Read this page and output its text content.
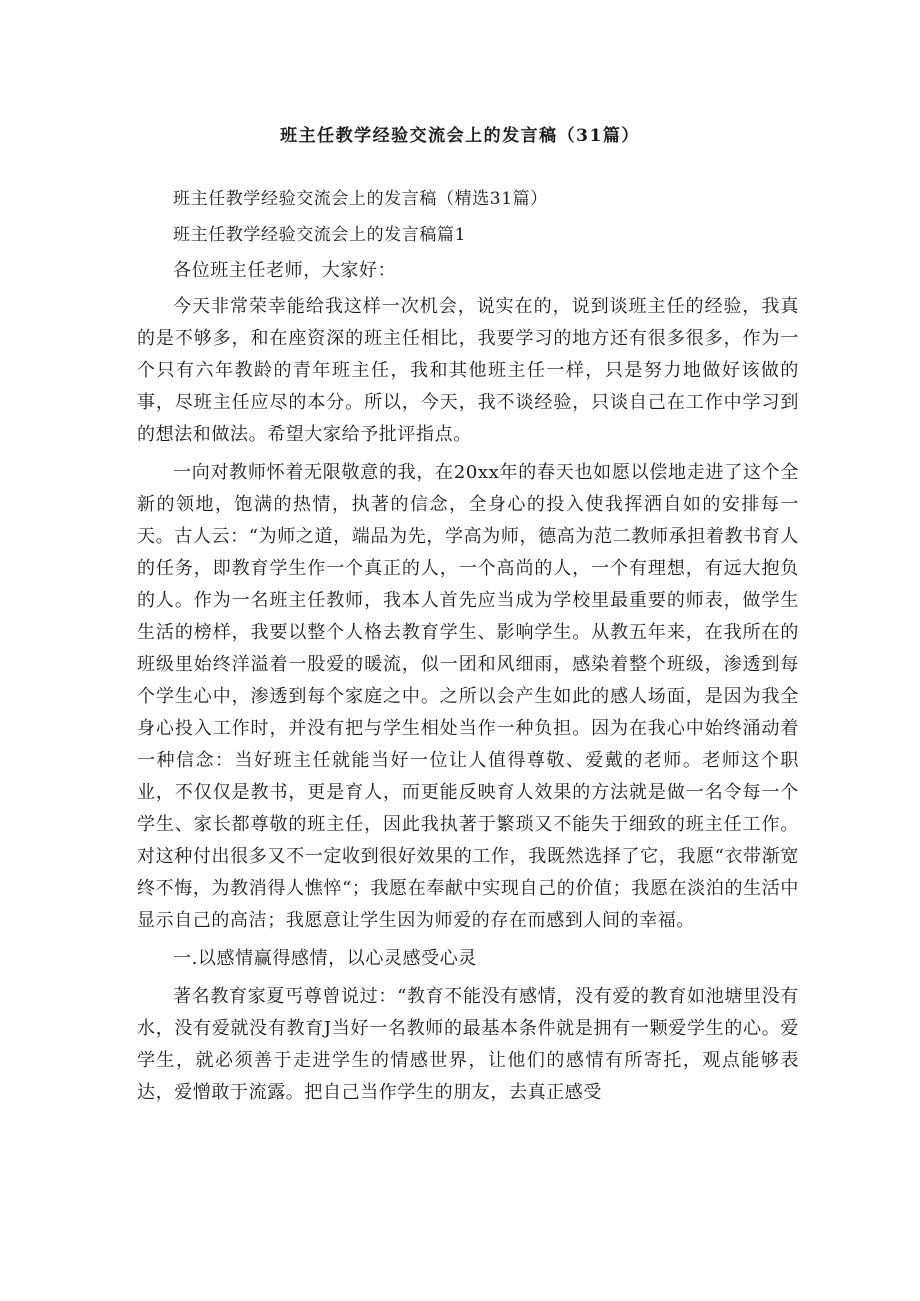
班主任教学经验交流会上的发言稿（31篇）

班主任教学经验交流会上的发言稿（精选31篇）

班主任教学经验交流会上的发言稿篇1

各位班主任老师，大家好：

今天非常荣幸能给我这样一次机会，说实在的，说到谈班主任的经验，我真的是不够多，和在座资深的班主任相比，我要学习的地方还有很多很多，作为一个只有六年教龄的青年班主任，我和其他班主任一样，只是努力地做好该做的事，尽班主任应尽的本分。所以，今天，我不谈经验，只谈自己在工作中学习到的想法和做法。希望大家给予批评指点。

一向对教师怀着无限敬意的我，在20xx年的春天也如愿以偿地走进了这个全新的领地，饱满的热情，执著的信念，全身心的投入使我挥洒自如的安排每一天。古人云：“为师之道，端品为先，学高为师，德高为范二教师承担着教书育人的任务，即教育学生作一个真正的人，一个高尚的人，一个有理想，有远大抱负的人。作为一名班主任教师，我本人首先应当成为学校里最重要的师表，做学生生活的榜样，我要以整个人格去教育学生、影响学生。从教五年来，在我所在的班级里始终洋溢着一股爱的暖流，似一团和风细雨，感染着整个班级，渗透到每个学生心中，渗透到每个家庭之中。之所以会产生如此的感人场面，是因为我全身心投入工作时，并没有把与学生相处当作一种负担。因为在我心中始终涌动着一种信念：当好班主任就能当好一位让人值得尊敬、爱戴的老师。老师这个职业，不仅仅是教书，更是育人，而更能反映育人效果的方法就是做一名令每一个学生、家长都尊敬的班主任，因此我执著于繁琐又不能失于细致的班主任工作。对这种付出很多又不一定收到很好效果的工作，我既然选择了它，我愿“衣带渐宽终不悔，为教消得人憔悴“；我愿在奉献中实现自己的价值；我愿在淡泊的生活中显示自己的高洁；我愿意让学生因为师爱的存在而感到人间的幸福。

一.以感情赢得感情，以心灵感受心灵

著名教育家夏丐尊曾说过：“教育不能没有感情，没有爱的教育如池塘里没有水，没有爱就没有教育J当好一名教师的最基本条件就是拥有一颗爱学生的心。爱学生，就必须善于走进学生的情感世界，让他们的感情有所寄托，观点能够表达，爱憎敢于流露。把自己当作学生的朋友，去真正感受
